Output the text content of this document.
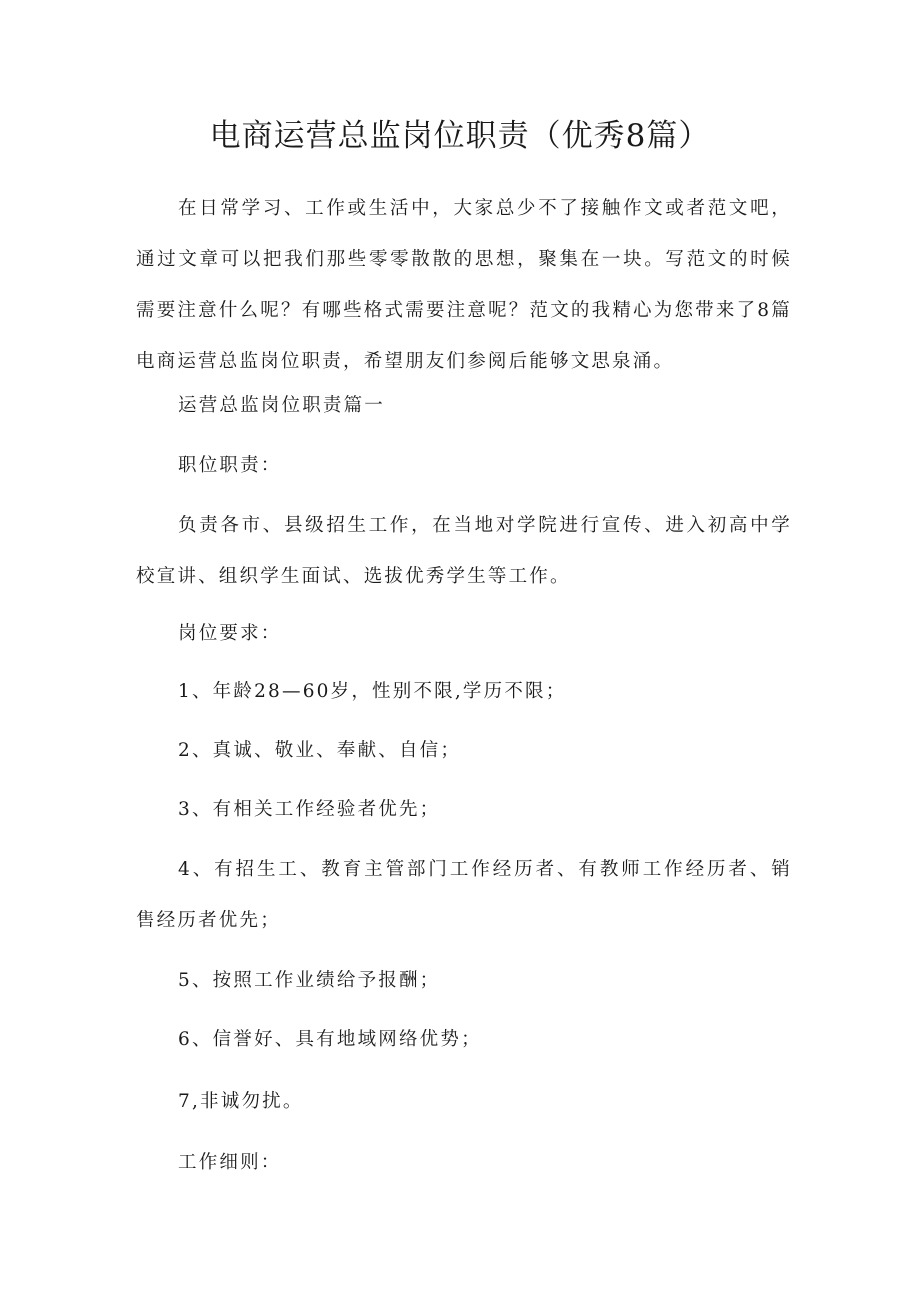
电商运营总监岗位职责（优秀8篇）

在日常学习、工作或生活中，大家总少不了接触作文或者范文吧，通过文章可以把我们那些零零散散的思想，聚集在一块。写范文的时候需要注意什么呢？有哪些格式需要注意呢？范文的我精心为您带来了8篇电商运营总监岗位职责，希望朋友们参阅后能够文思泉涌。

运营总监岗位职责篇一

职位职责：

负责各市、县级招生工作，在当地对学院进行宣传、进入初高中学校宣讲、组织学生面试、选拔优秀学生等工作。

岗位要求：

1、年龄28—60岁，性别不限,学历不限；

2、真诚、敬业、奉献、自信；

3、有相关工作经验者优先；

4、有招生工、教育主管部门工作经历者、有教师工作经历者、销售经历者优先；

5、按照工作业绩给予报酬；

6、信誉好、具有地域网络优势；

7,非诚勿扰。

工作细则：
